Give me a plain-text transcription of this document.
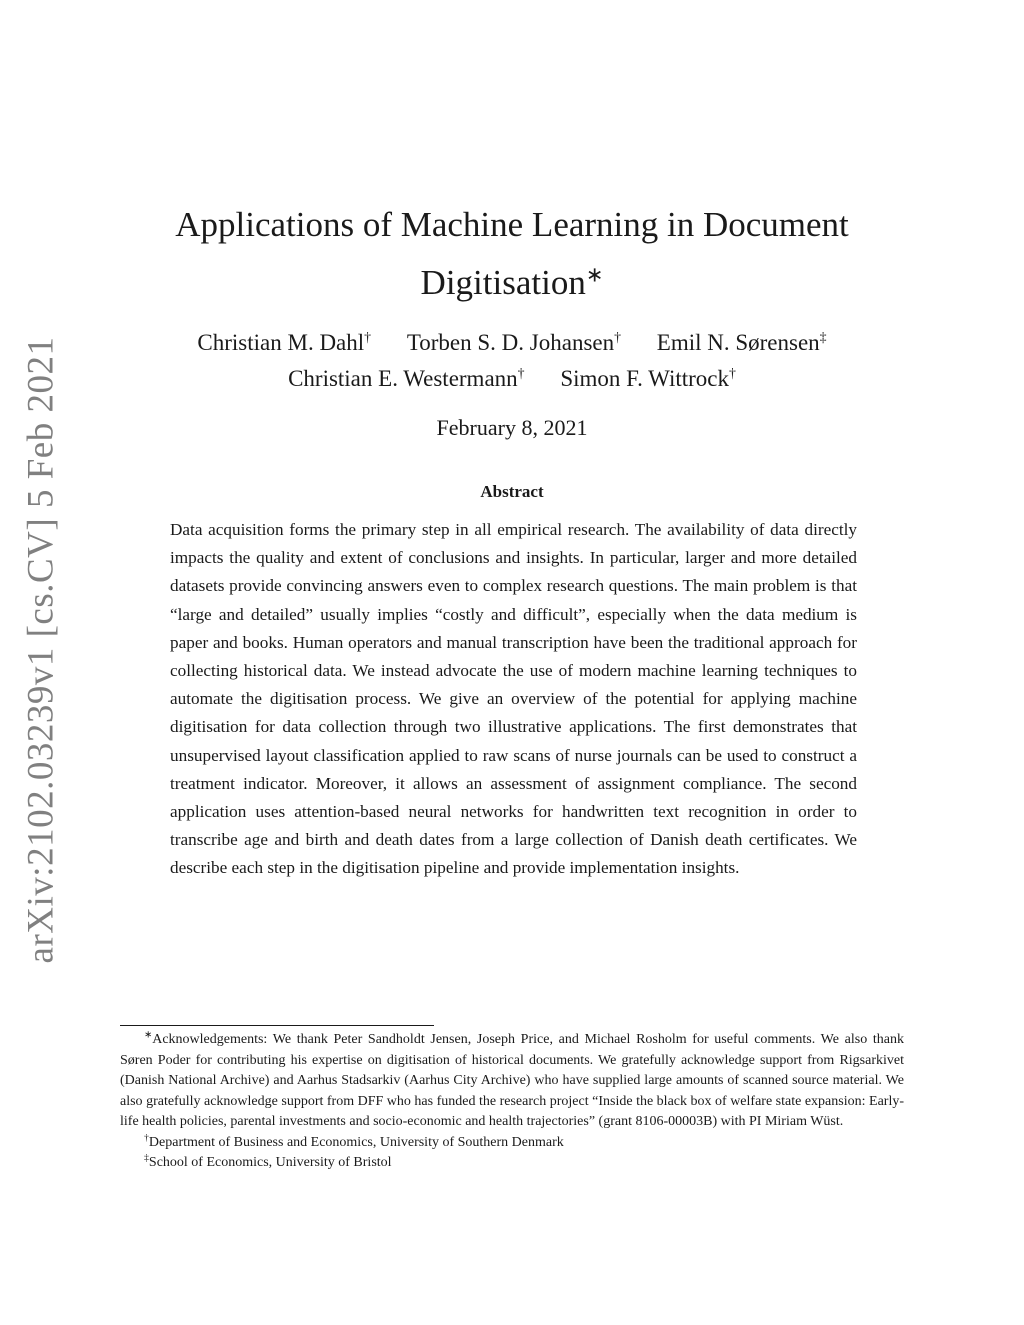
arXiv:2102.03239v1 [cs.CV] 5 Feb 2021
Applications of Machine Learning in Document Digitisation∗
Christian M. Dahl† Torben S. D. Johansen† Emil N. Sørensen‡
Christian E. Westermann† Simon F. Wittrock†
February 8, 2021
Abstract

Data acquisition forms the primary step in all empirical research. The availability of data directly impacts the quality and extent of conclusions and insights. In particular, larger and more detailed datasets provide convincing answers even to complex research questions. The main problem is that “large and detailed” usually implies “costly and difficult”, especially when the data medium is paper and books. Human operators and manual transcription have been the traditional approach for collecting historical data. We instead advocate the use of modern machine learning techniques to automate the digitisation process. We give an overview of the potential for applying machine digitisation for data collection through two illustrative applications. The first demonstrates that unsupervised layout classification applied to raw scans of nurse journals can be used to construct a treatment indicator. Moreover, it allows an assessment of assignment compliance. The second application uses attention-based neural networks for handwritten text recognition in order to transcribe age and birth and death dates from a large collection of Danish death certificates. We describe each step in the digitisation pipeline and provide implementation insights.

∗Acknowledgements: We thank Peter Sandholdt Jensen, Joseph Price, and Michael Rosholm for useful comments. We also thank Søren Poder for contributing his expertise on digitisation of historical documents. We gratefully acknowledge support from Rigsarkivet (Danish National Archive) and Aarhus Stadsarkiv (Aarhus City Archive) who have supplied large amounts of scanned source material. We also gratefully acknowledge support from DFF who has funded the research project “Inside the black box of welfare state expansion: Early-life health policies, parental investments and socio-economic and health trajectories” (grant 8106-00003B) with PI Miriam Wüst.

†Department of Business and Economics, University of Southern Denmark

‡School of Economics, University of Bristol
